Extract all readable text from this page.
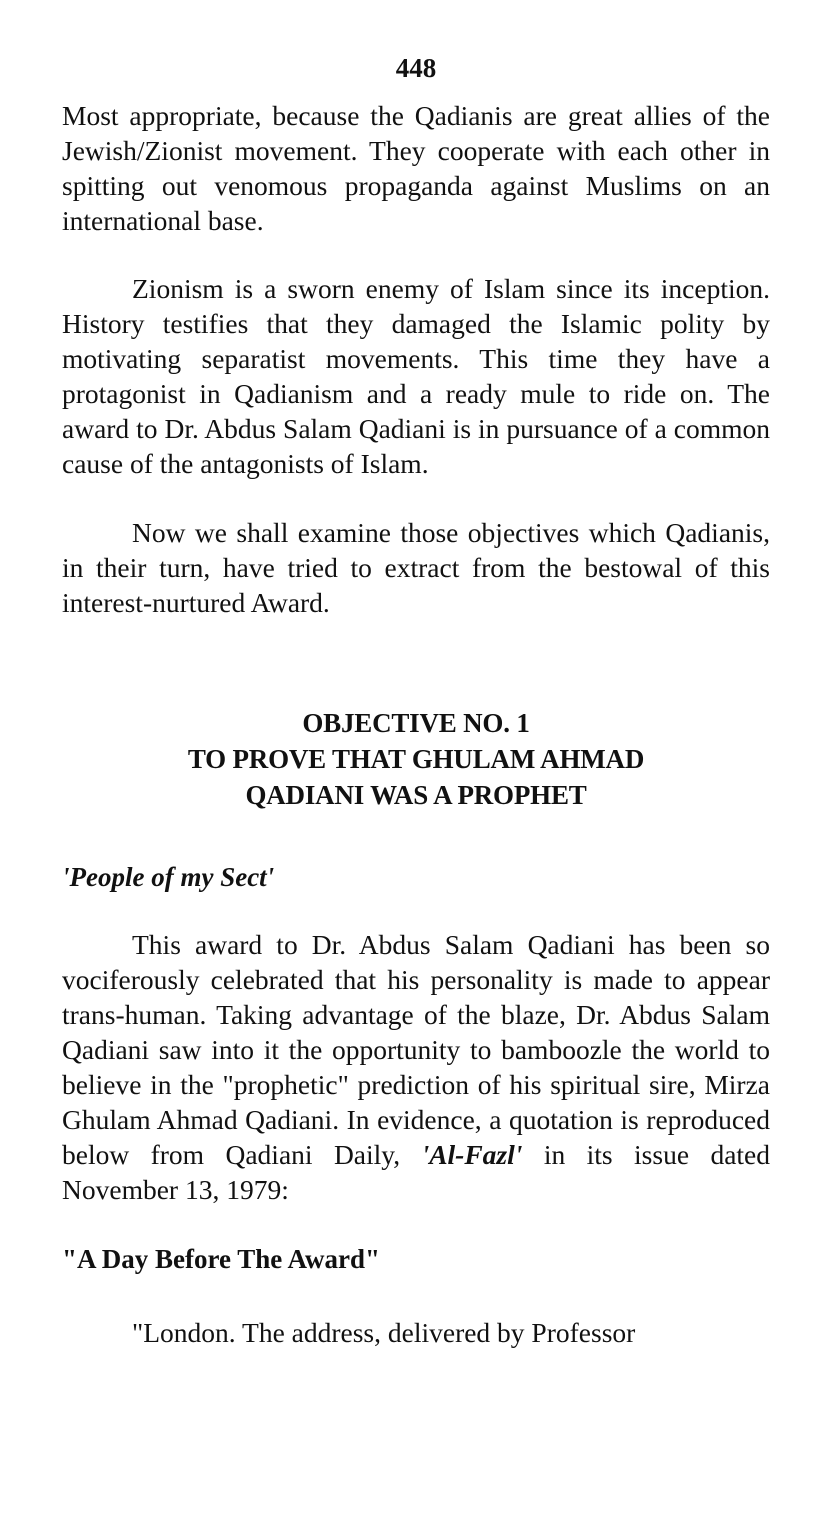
448

Most appropriate, because the Qadianis are great allies of the Jewish/Zionist movement. They cooperate with each other in spitting out venomous propaganda against Muslims on an international base.

Zionism is a sworn enemy of Islam since its inception. History testifies that they damaged the Islamic polity by motivating separatist movements. This time they have a protagonist in Qadianism and a ready mule to ride on. The award to Dr. Abdus Salam Qadiani is in pursuance of a common cause of the antagonists of Islam.

Now we shall examine those objectives which Qadianis, in their turn, have tried to extract from the bestowal of this interest-nurtured Award.

OBJECTIVE NO. 1
TO PROVE THAT GHULAM AHMAD
QADIANI WAS A PROPHET

'People of my Sect'

This award to Dr. Abdus Salam Qadiani has been so vociferously celebrated that his personality is made to appear trans-human. Taking advantage of the blaze, Dr. Abdus Salam Qadiani saw into it the opportunity to bamboozle the world to believe in the "prophetic" prediction of his spiritual sire, Mirza Ghulam Ahmad Qadiani. In evidence, a quotation is reproduced below from Qadiani Daily, 'Al-Fazl' in its issue dated November 13, 1979:

"A Day Before The Award"

"London. The address, delivered by Professor
